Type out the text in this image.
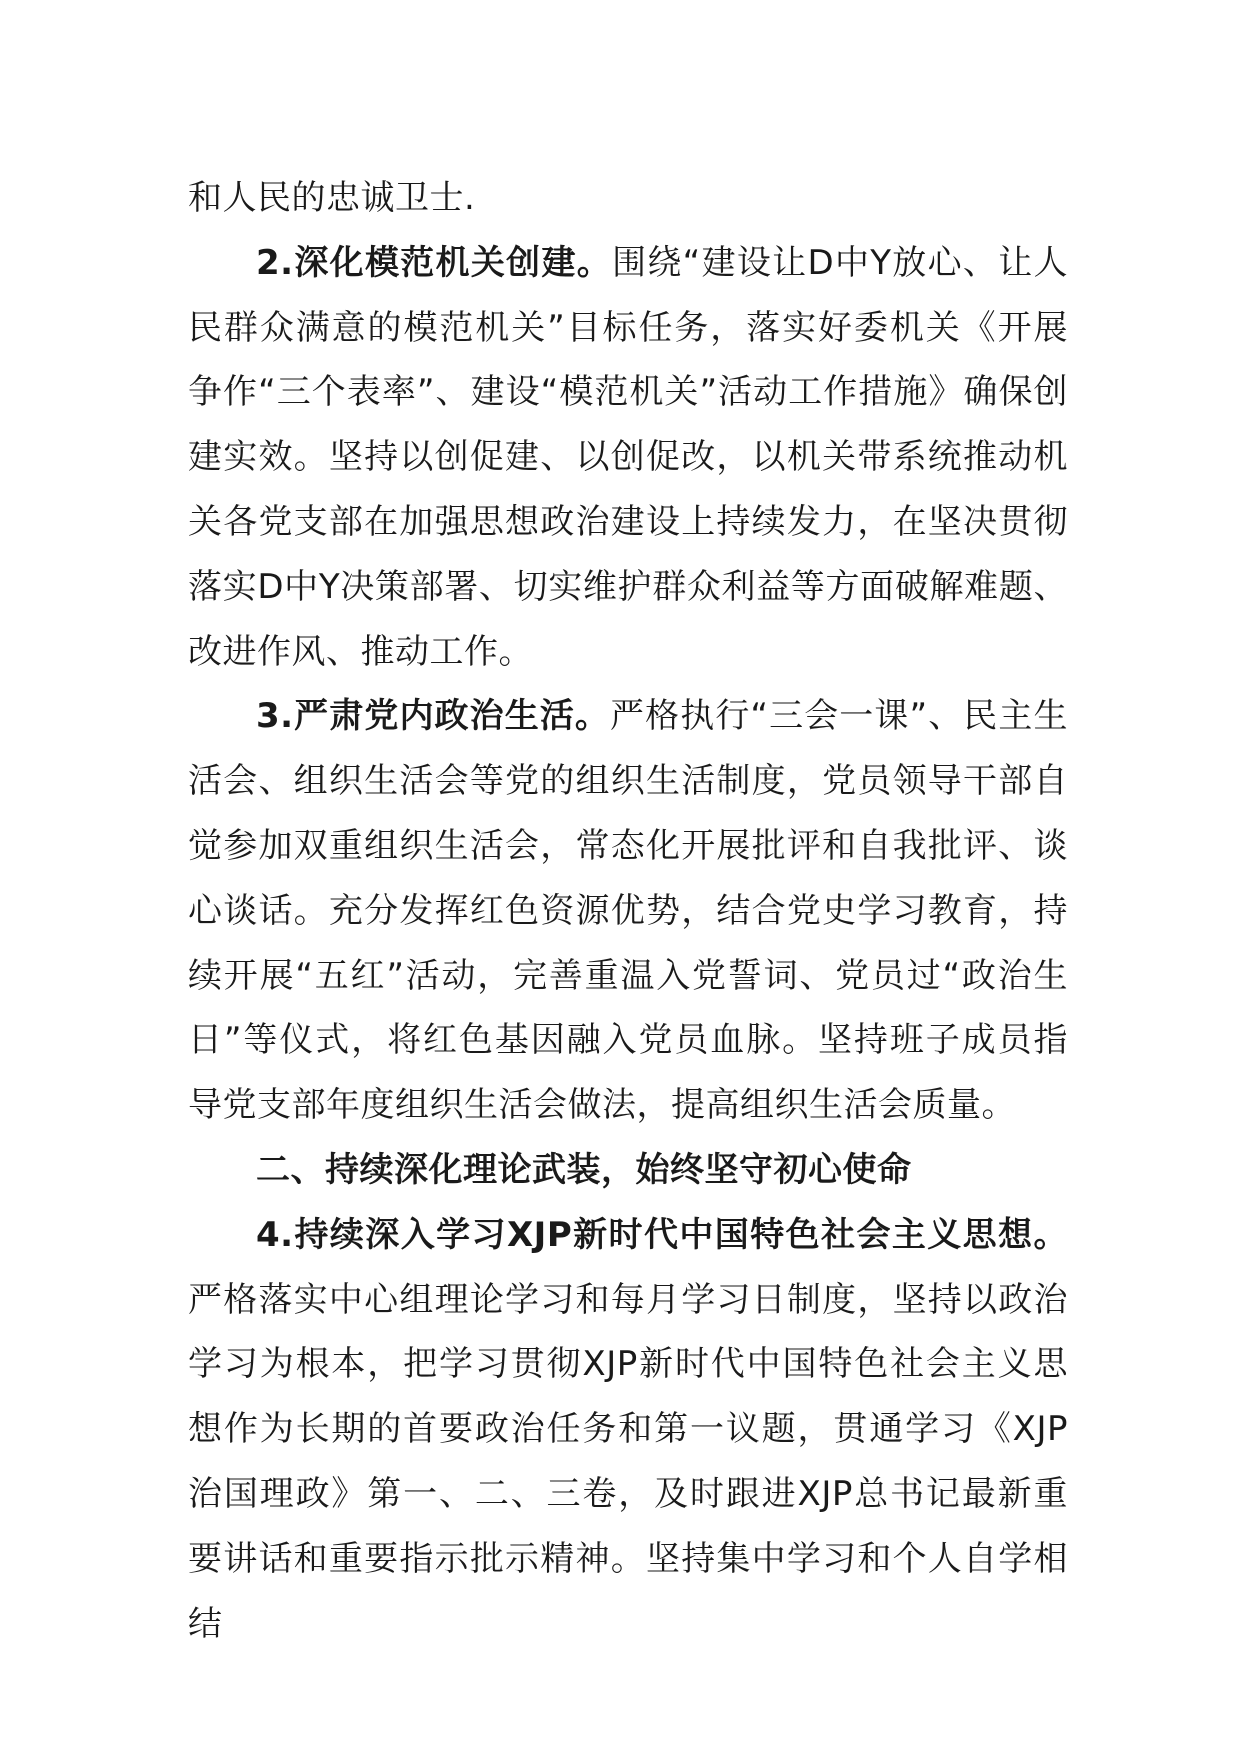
和人民的忠诚卫士.

2.深化模范机关创建。围绕“建设让D中Y放心、让人民群众满意的模范机关”目标任务，落实好委机关《开展争作“三个表率”、建设“模范机关”活动工作措施》确保创建实效。坚持以创促建、以创促改，以机关带系统推动机关各党支部在加强思想政治建设上持续发力，在坚决贯彻落实D中Y决策部署、切实维护群众利益等方面破解难题、改进作风、推动工作。

3.严肃党内政治生活。严格执行“三会一课”、民主生活会、组织生活会等党的组织生活制度，党员领导干部自觉参加双重组织生活会，常态化开展批评和自我批评、谈心谈话。充分发挥红色资源优势，结合党史学习教育，持续开展“五红”活动，完善重温入党誓词、党员过“政治生日”等仪式，将红色基因融入党员血脉。坚持班子成员指导党支部年度组织生活会做法，提高组织生活会质量。

二、持续深化理论武装，始终坚守初心使命

4.持续深入学习XJP新时代中国特色社会主义思想。严格落实中心组理论学习和每月学习日制度，坚持以政治学习为根本，把学习贯彻XJP新时代中国特色社会主义思想作为长期的首要政治任务和第一议题，贯通学习《XJP治国理政》第一、二、三卷，及时跟进XJP总书记最新重要讲话和重要指示批示精神。坚持集中学习和个人自学相结
